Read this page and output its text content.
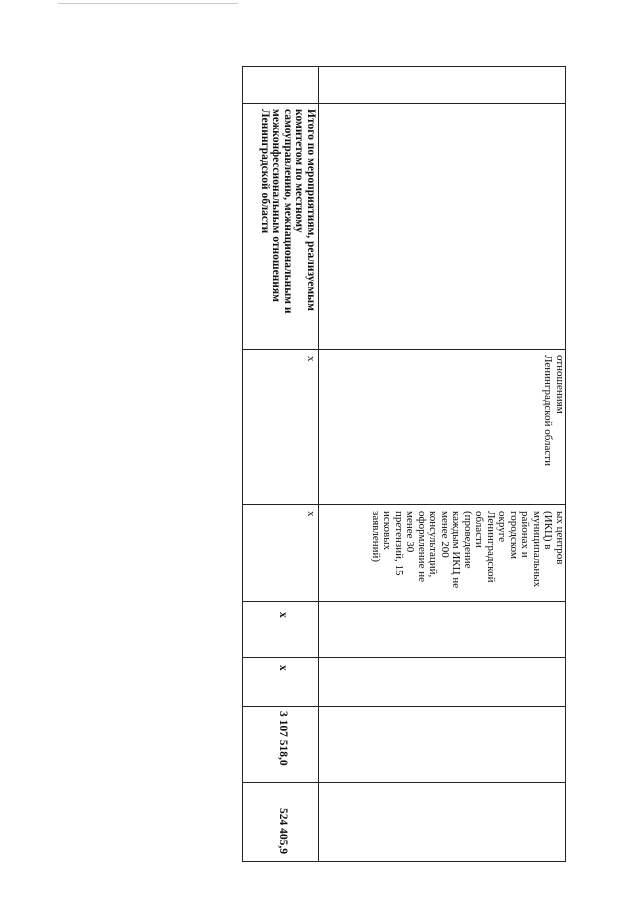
отношениям
Ленинградской области
ых центров
(ИКЦ) в
муниципальных
районах и
городском
округе
Ленинградской
области
(проведение
каждым ИКЦ не
менее 200
консультаций,
оформление не
менее 30
претензий, 15
исковых
заявлений)
Итого по мероприятиям, реализуемым
комитетом по местному
самоуправлению, межнациональным и
межконфессиональным отношениям
Ленинградской области
x
x
x
x
3 107 518,0
524 405,9
